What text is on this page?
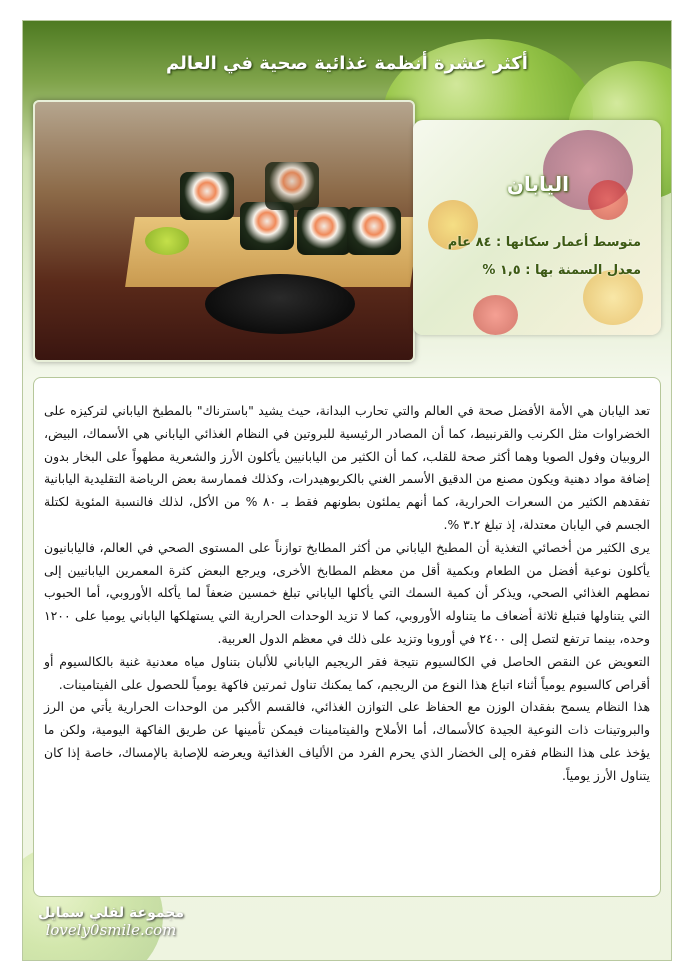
أكثر عشرة أنظمة غذائية صحية في العالم
اليابان
متوسط أعمار سكانها : ٨٤ عام
معدل السمنة بها : ١,٥ %

تعد اليابان هي الأمة الأفضل صحة في العالم والتي تحارب البدانة، حيث يشيد "باسترناك" بالمطبخ الياباني لتركيزه على الخضراوات مثل الكرنب والقرنبيط، كما أن المصادر الرئيسية للبروتين في النظام الغذائي الياباني هي الأسماك، البيض، الروبيان وفول الصويا وهما أكثر صحة للقلب، كما أن الكثير من اليابانيين يأكلون الأرز والشعرية مطهواً على البخار بدون إضافة مواد دهنية ويكون مصنع من الدقيق الأسمر الغني بالكربوهيدرات، وكذلك فممارسة بعض الرياضة التقليدية اليابانية تفقدهم الكثير من السعرات الحرارية، كما أنهم يملئون بطونهم فقط بـ ٨٠ % من الأكل، لذلك فالنسبة المئوية لكتلة الجسم في اليابان معتدلة، إذ تبلغ ٣.٢ %.

يرى الكثير من أخصائي التغذية أن المطبخ الياباني من أكثر المطابخ توازناً على المستوى الصحي في العالم، فاليابانيون يأكلون نوعية أفضل من الطعام وبكمية أقل من معظم المطابخ الأخرى، ويرجع البعض كثرة المعمرين اليابانيين إلى نمطهم الغذائي الصحي، ويذكر أن كمية السمك التي يأكلها الياباني تبلغ خمسين ضعفاً لما يأكله الأوروبي، أما الحبوب التي يتناولها فتبلغ ثلاثة أضعاف ما يتناوله الأوروبي، كما لا تزيد الوحدات الحرارية التي يستهلكها الياباني يوميا على ١٢٠٠ وحده، بينما ترتفع لتصل إلى ٢٤٠٠ في أوروبا وتزيد على ذلك في معظم الدول العربية.

التعويض عن النقص الحاصل في الكالسيوم نتيجة فقر الريجيم الياباني للألبان بتناول مياه معدنية غنية بالكالسيوم أو أقراص كالسيوم يومياً أثناء اتباع هذا النوع من الريجيم، كما يمكنك تناول ثمرتين فاكهة يومياً للحصول على الفيتامينات.

هذا النظام يسمح بفقدان الوزن مع الحفاظ على التوازن الغذائي، فالقسم الأكبر من الوحدات الحرارية يأتي من الرز والبروتينات ذات النوعية الجيدة كالأسماك، أما الأملاح والفيتامينات فيمكن تأمينها عن طريق الفاكهة اليومية، ولكن ما يؤخذ على هذا النظام فقره إلى الخضار الذي يحرم الفرد من الألياف الغذائية ويعرضه للإصابة بالإمساك، خاصة إذا كان يتناول الأرز يومياً.

مجموعة لفلي سمايل
lovely0smile.com
